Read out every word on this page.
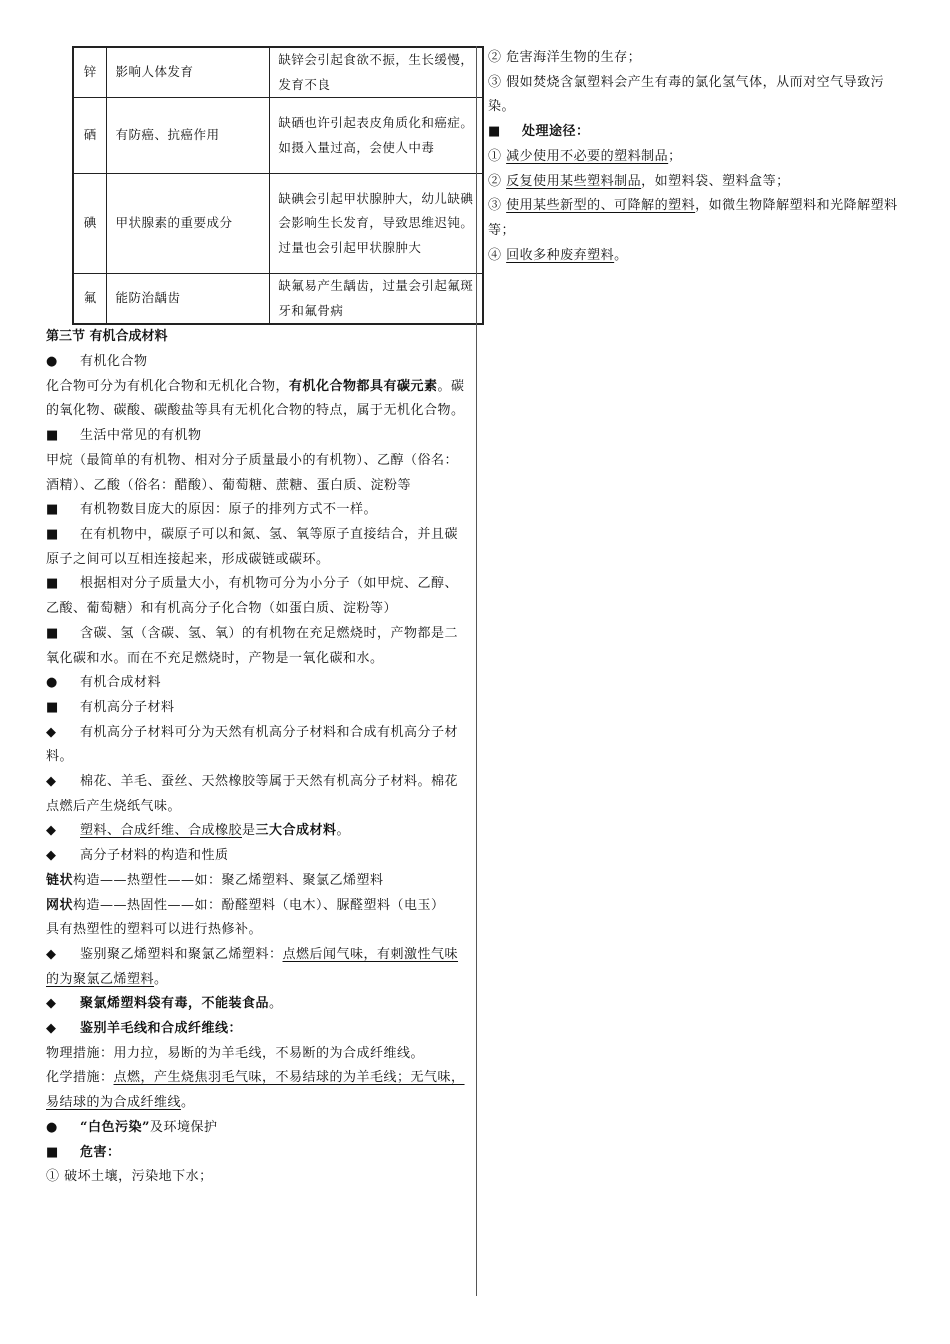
锌	影响人体发育	缺锌会引起食欲不振，生长缓慢，发育不良
硒	有防癌、抗癌作用	缺硒也许引起表皮角质化和癌症。如摄入量过高，会使人中毒
碘	甲状腺素的重要成分	缺碘会引起甲状腺肿大，幼儿缺碘会影响生长发育，导致思维迟钝。过量也会引起甲状腺肿大
氟	能防治龋齿	缺氟易产生龋齿，过量会引起氟斑牙和氟骨病
第三节 有机合成材料

● 有机化合物

化合物可分为有机化合物和无机化合物，有机化合物都具有碳元素。碳的氧化物、碳酸、碳酸盐等具有无机化合物的特点，属于无机化合物。

■ 生活中常见的有机物

甲烷（最简单的有机物、相对分子质量最小的有机物）、乙醇（俗名：酒精）、乙酸（俗名：醋酸）、葡萄糖、蔗糖、蛋白质、淀粉等

■ 有机物数目庞大的原因：原子的排列方式不一样。

■ 在有机物中，碳原子可以和氮、氢、氧等原子直接结合，并且碳原子之间可以互相连接起来，形成碳链或碳环。

■ 根据相对分子质量大小，有机物可分为小分子（如甲烷、乙醇、乙酸、葡萄糖）和有机高分子化合物（如蛋白质、淀粉等）

■ 含碳、氢（含碳、氢、氧）的有机物在充足燃烧时，产物都是二氧化碳和水。而在不充足燃烧时，产物是一氧化碳和水。

● 有机合成材料

■ 有机高分子材料

◆ 有机高分子材料可分为天然有机高分子材料和合成有机高分子材料。

◆ 棉花、羊毛、蚕丝、天然橡胶等属于天然有机高分子材料。棉花点燃后产生烧纸气味。

◆ 塑料、合成纤维、合成橡胶是三大合成材料。

◆ 高分子材料的构造和性质

链状构造——热塑性——如：聚乙烯塑料、聚氯乙烯塑料

网状构造——热固性——如：酚醛塑料（电木）、脲醛塑料（电玉）

具有热塑性的塑料可以进行热修补。

◆ 鉴别聚乙烯塑料和聚氯乙烯塑料：点燃后闻气味，有刺激性气味的为聚氯乙烯塑料。

◆ 聚氯烯塑料袋有毒，不能装食品。

◆ 鉴别羊毛线和合成纤维线：

物理措施：用力拉，易断的为羊毛线，不易断的为合成纤维线。

化学措施：点燃，产生烧焦羽毛气味，不易结球的为羊毛线；无气味，易结球的为合成纤维线。

● “白色污染”及环境保护

■ 危害：

① 破坏土壤，污染地下水；

② 危害海洋生物的生存；

③ 假如焚烧含氯塑料会产生有毒的氯化氢气体，从而对空气导致污染。

■ 处理途径：

① 减少使用不必要的塑料制品；

② 反复使用某些塑料制品，如塑料袋、塑料盒等；

③ 使用某些新型的、可降解的塑料，如微生物降解塑料和光降解塑料等；

④ 回收多种废弃塑料。
